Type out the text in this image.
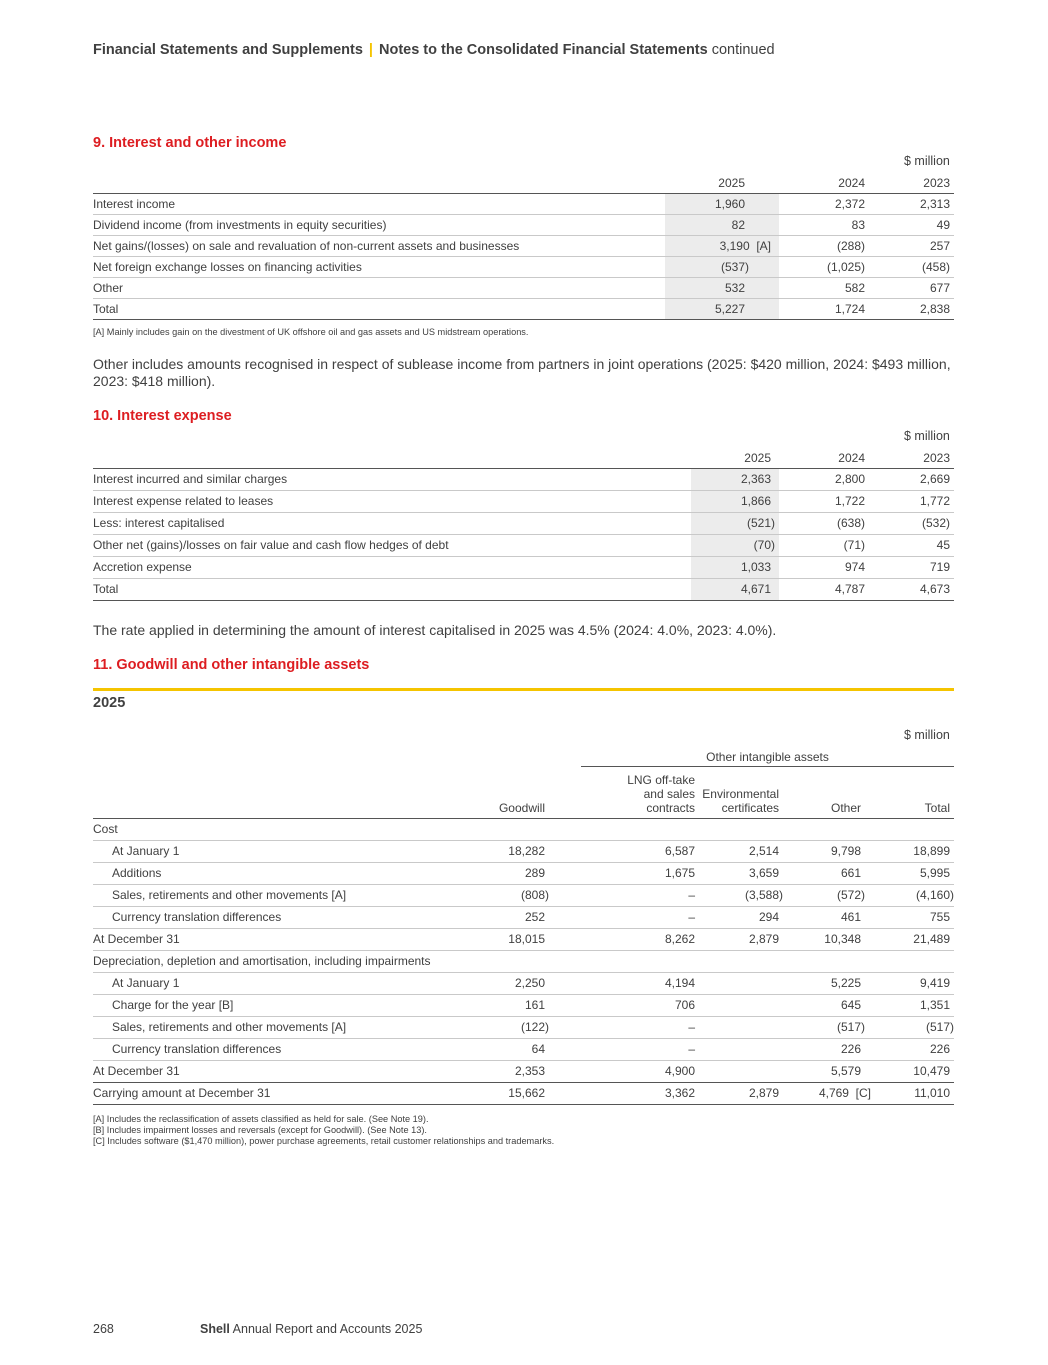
Financial Statements and Supplements | Notes to the Consolidated Financial Statements continued
9. Interest and other income
$ million
	2025	2024	2023
Interest income	1,960	2,372	2,313
Dividend income (from investments in equity securities)	82	83	49
Net gains/(losses) on sale and revaluation of non-current assets and businesses	3,190 [A]	(288)	257
Net foreign exchange losses on financing activities	(537)	(1,025)	(458)
Other	532	582	677
Total	5,227	1,724	2,838
[A] Mainly includes gain on the divestment of UK offshore oil and gas assets and US midstream operations.
Other includes amounts recognised in respect of sublease income from partners in joint operations (2025: $420 million, 2024: $493 million, 2023: $418 million).
10. Interest expense
$ million
	2025	2024	2023
Interest incurred and similar charges	2,363	2,800	2,669
Interest expense related to leases	1,866	1,722	1,772
Less: interest capitalised	(521)	(638)	(532)
Other net (gains)/losses on fair value and cash flow hedges of debt	(70)	(71)	45
Accretion expense	1,033	974	719
Total	4,671	4,787	4,673
The rate applied in determining the amount of interest capitalised in 2025 was 4.5% (2024: 4.0%, 2023: 4.0%).
11. Goodwill and other intangible assets
2025
$ million
		Other intangible assets			
	Goodwill	LNG off-take
and sales
contracts	Environmental
certificates	Other	Total
Cost					
At January 1	18,282	6,587	2,514	9,798	18,899
Additions	289	1,675	3,659	661	5,995
Sales, retirements and other movements [A]	(808)	–	(3,588)	(572)	(4,160)
Currency translation differences	252	–	294	461	755
At December 31	18,015	8,262	2,879	10,348	21,489
Depreciation, depletion and amortisation, including impairments					
At January 1	2,250	4,194		5,225	9,419
Charge for the year [B]	161	706		645	1,351
Sales, retirements and other movements [A]	(122)	–		(517)	(517)
Currency translation differences	64	–		226	226
At December 31	2,353	4,900		5,579	10,479
Carrying amount at December 31	15,662	3,362	2,879	4,769 [C]	11,010
[A] Includes the reclassification of assets classified as held for sale. (See Note 19).
[B] Includes impairment losses and reversals (except for Goodwill). (See Note 13).
[C] Includes software ($1,470 million), power purchase agreements, retail customer relationships and trademarks.
268	Shell Annual Report and Accounts 2025
